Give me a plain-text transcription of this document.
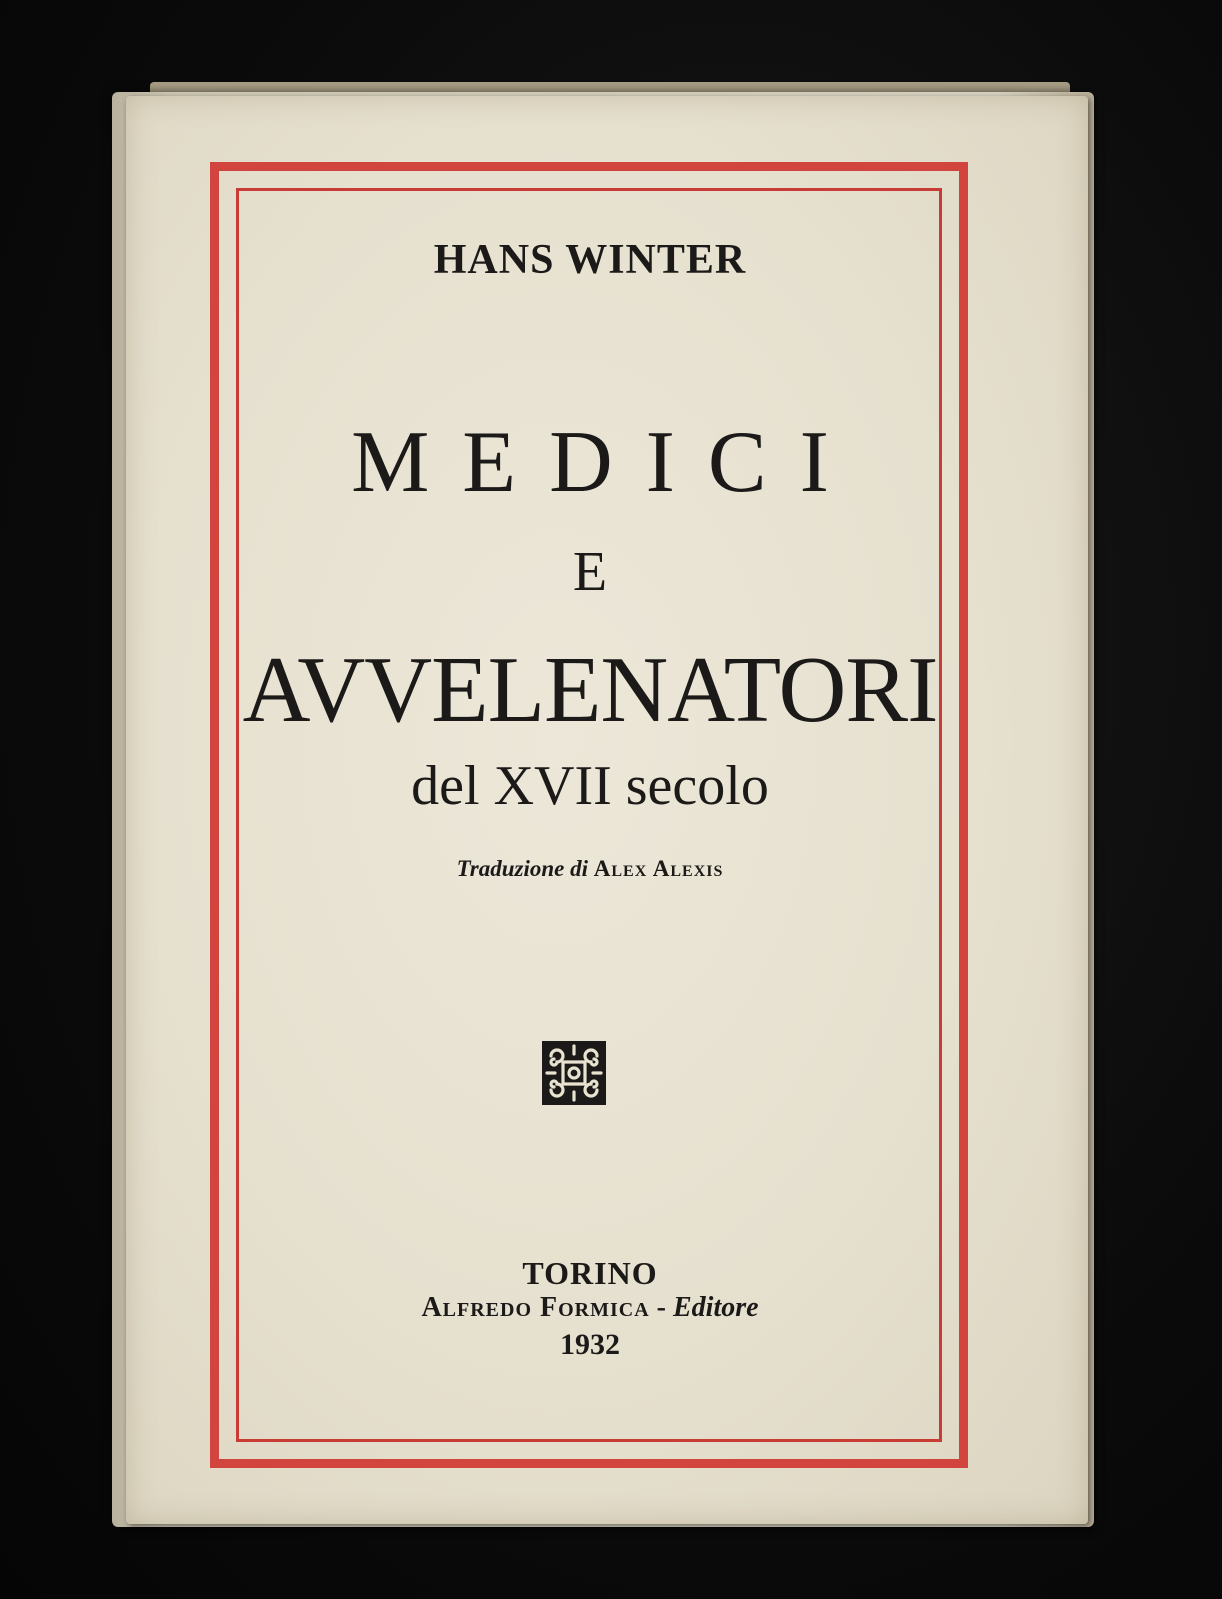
HANS WINTER

MEDICI

E

AVVELENATORI

del XVII secolo

Traduzione di Alex Alexis

TORINO

Alfredo Formica - Editore

1932
